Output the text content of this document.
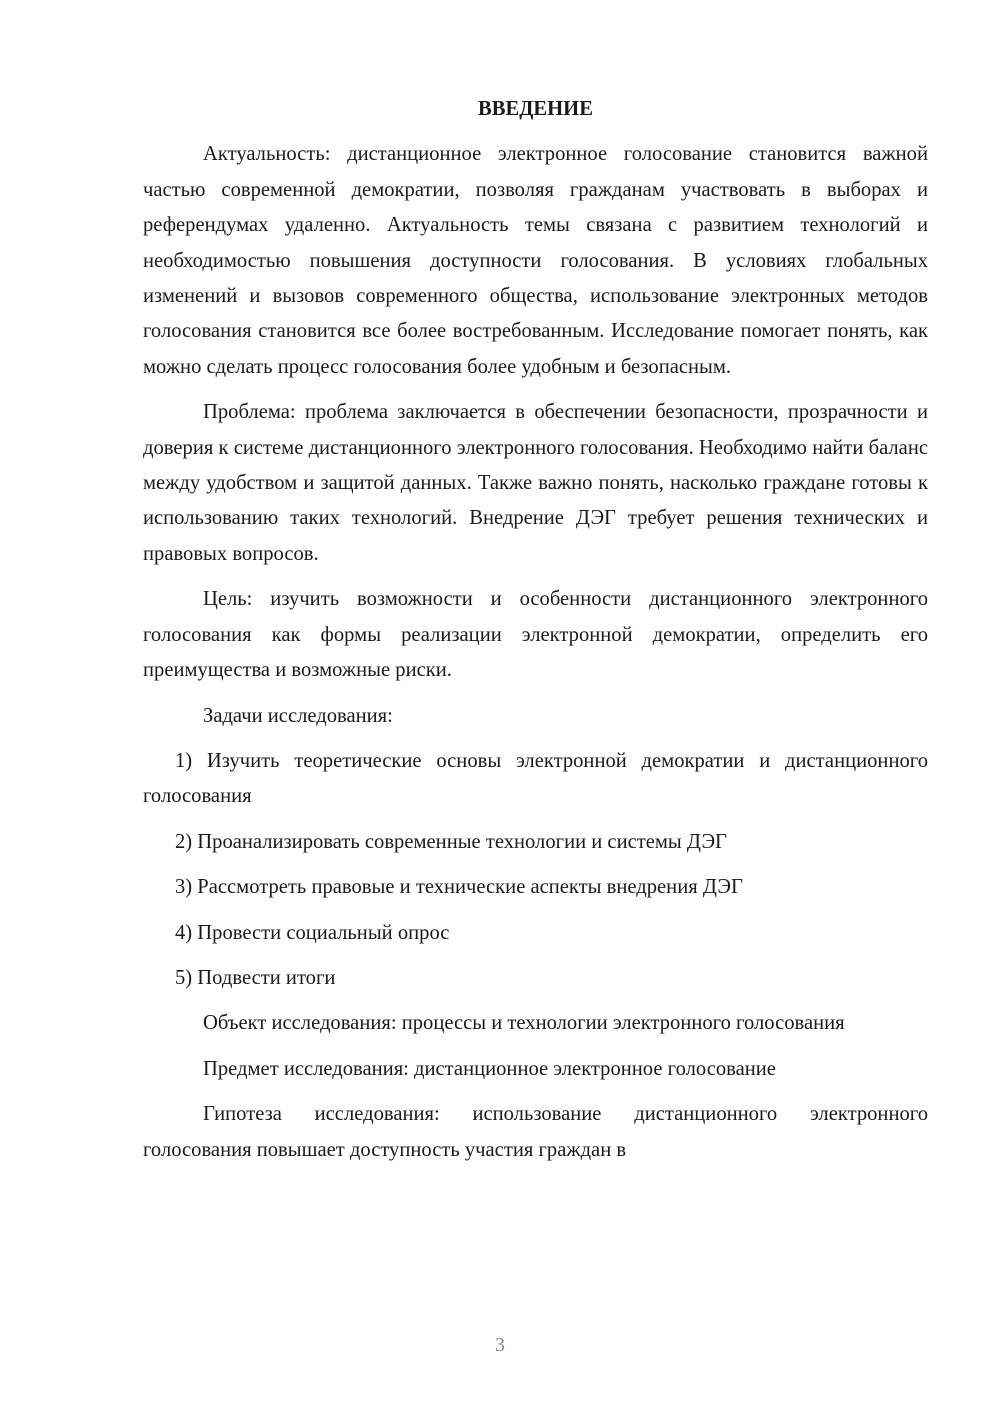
ВВЕДЕНИЕ

Актуальность: дистанционное электронное голосование становится важной частью современной демократии, позволяя гражданам участвовать в выборах и референдумах удаленно. Актуальность темы связана с развитием технологий и необходимостью повышения доступности голосования. В условиях глобальных изменений и вызовов современного общества, использование электронных методов голосования становится все более востребованным. Исследование помогает понять, как можно сделать процесс голосования более удобным и безопасным.

Проблема: проблема заключается в обеспечении безопасности, прозрачности и доверия к системе дистанционного электронного голосования. Необходимо найти баланс между удобством и защитой данных. Также важно понять, насколько граждане готовы к использованию таких технологий. Внедрение ДЭГ требует решения технических и правовых вопросов.

Цель: изучить возможности и особенности дистанционного электронного голосования как формы реализации электронной демократии, определить его преимущества и возможные риски.

Задачи исследования:

1) Изучить теоретические основы электронной демократии и дистанционного голосования

2) Проанализировать современные технологии и системы ДЭГ

3) Рассмотреть правовые и технические аспекты внедрения ДЭГ

4) Провести социальный опрос

5) Подвести итоги

Объект исследования: процессы и технологии электронного голосования

Предмет исследования: дистанционное электронное голосование

Гипотеза исследования: использование дистанционного электронного голосования повышает доступность участия граждан в

3
